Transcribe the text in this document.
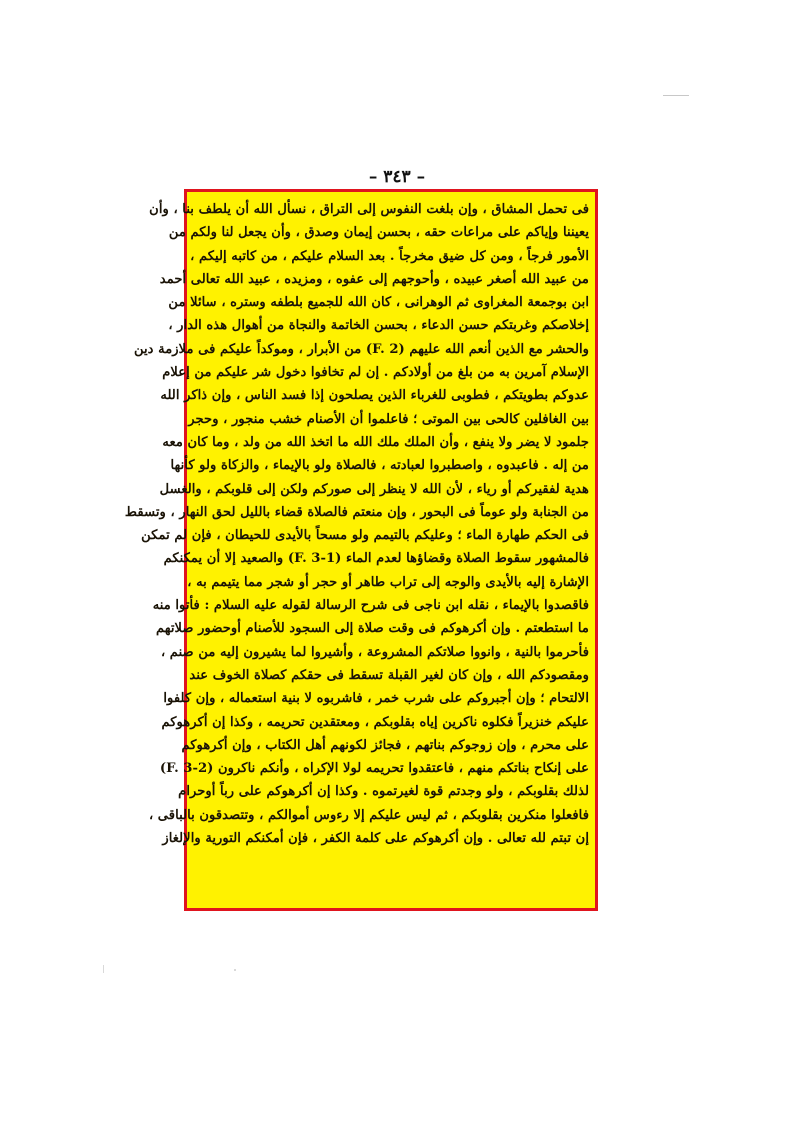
– ٣٤٣ –
فى تحمل المشاق ، وإن بلغت النفوس إلى التراق ، نسأل الله أن يلطف بنا ، وأن
يعيننا وإياكم على مراعات حقه ، بحسن إيمان وصدق ، وأن يجعل لنا ولكم من
الأمور فرجاً ، ومن كل ضيق مخرجاً . بعد السلام عليكم ، من كاتبه إليكم ،
من عبيد الله أصغر عبيده ، وأحوجهم إلى عفوه ، ومزيده ، عبيد الله تعالى أحمد
ابن بوجمعة المغراوى ثم الوهرانى ، كان الله للجميع بلطفه وستره ، سائلا من
إخلاصكم وغربتكم حسن الدعاء ، بحسن الخاتمة والنجاة من أهوال هذه الدار ،
والحشر مع الذين أنعم الله عليهم (F. 2) من الأبرار ، وموكداً عليكم فى ملازمة دين
الإسلام آمرين به من بلغ من أولادكم . إن لم تخافوا دخول شر عليكم من إعلام
عدوكم بطويتكم ، فطوبى للغرباء الذين يصلحون إذا فسد الناس ، وإن ذاكر الله
بين الغافلين كالحى بين الموتى ؛ فاعلموا أن الأصنام خشب منجور ، وحجر
جلمود لا يضر ولا ينفع ، وأن الملك ملك الله ما اتخذ الله من ولد ، وما كان معه
من إله . فاعبدوه ، واصطبروا لعبادته ، فالصلاة ولو بالإيماء ، والزكاة ولو كأنها
هدية لفقيركم أو رياء ، لأن الله لا ينظر إلى صوركم ولكن إلى قلوبكم ، والغسل
من الجنابة ولو عوماً فى البحور ، وإن منعتم فالصلاة قضاء بالليل لحق النهار ، وتسقط
فى الحكم طهارة الماء ؛ وعليكم بالتيمم ولو مسحاً بالأيدى للحيطان ، فإن لم تمكن
فالمشهور سقوط الصلاة وقضاؤها لعدم الماء (F. 3-1) والصعيد إلا أن يمكنكم
الإشارة إليه بالأيدى والوجه إلى تراب طاهر أو حجر أو شجر مما يتيمم به ،
فاقصدوا بالإيماء ، نقله ابن ناجى فى شرح الرسالة لقوله عليه السلام : فأتوا منه
ما استطعتم . وإن أكرهوكم فى وقت صلاة إلى السجود للأصنام أوحضور صلاتهم
فأحرموا بالنية ، وانووا صلاتكم المشروعة ، وأشيروا لما يشيرون إليه من صنم ،
ومقصودكم الله ، وإن كان لغير القبلة تسقط فى حقكم كصلاة الخوف عند
الالتحام ؛ وإن أجبروكم على شرب خمر ، فاشربوه لا بنية استعماله ، وإن كلفوا
عليكم خنزيراً فكلوه ناكرين إياه بقلوبكم ، ومعتقدين تحريمه ، وكذا إن أكرهوكم
على محرم ، وإن زوجوكم بناتهم ، فجائز لكونهم أهل الكتاب ، وإن أكرهوكم
على إنكاح بناتكم منهم ، فاعتقدوا تحريمه لولا الإكراه ، وأنكم ناكرون (F. 3-2)
لذلك بقلوبكم ، ولو وجدتم قوة لغيرتموه . وكذا إن أكرهوكم على رباً أوحرام
فافعلوا منكرين بقلوبكم ، ثم ليس عليكم إلا رءوس أموالكم ، وتتصدقون بالباقى ،
إن تبتم لله تعالى . وإن أكرهوكم على كلمة الكفر ، فإن أمكنكم التورية والإلغاز
